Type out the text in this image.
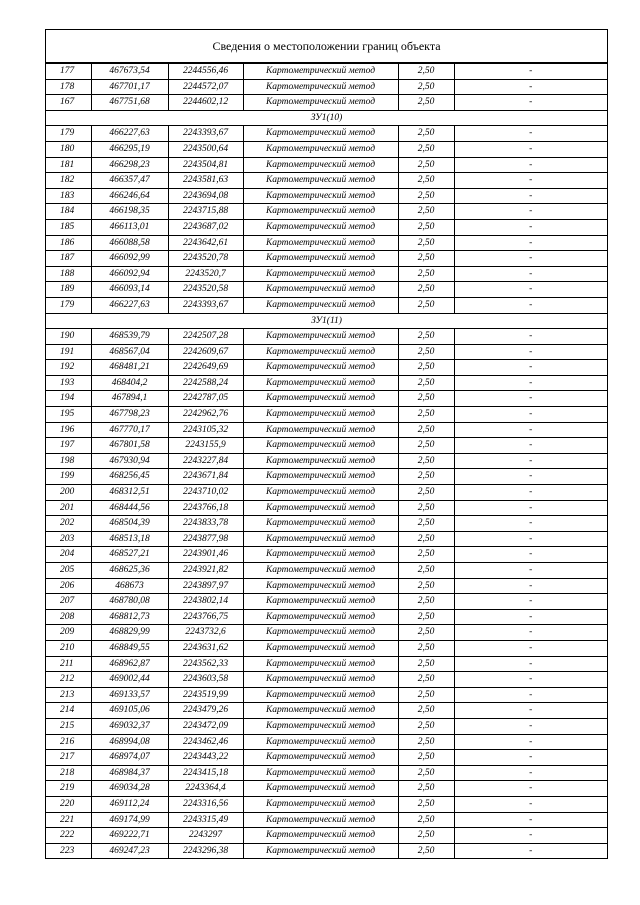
Сведения о местоположении границ объекта
177	467673,54	2244556,46	Картометрический метод	2,50	-
178	467701,17	2244572,07	Картометрический метод	2,50	-
167	467751,68	2244602,12	Картометрический метод	2,50	-
ЗУ1(10)					
179	466227,63	2243393,67	Картометрический метод	2,50	-
180	466295,19	2243500,64	Картометрический метод	2,50	-
181	466298,23	2243504,81	Картометрический метод	2,50	-
182	466357,47	2243581,63	Картометрический метод	2,50	-
183	466246,64	2243694,08	Картометрический метод	2,50	-
184	466198,35	2243715,88	Картометрический метод	2,50	-
185	466113,01	2243687,02	Картометрический метод	2,50	-
186	466088,58	2243642,61	Картометрический метод	2,50	-
187	466092,99	2243520,78	Картометрический метод	2,50	-
188	466092,94	2243520,7	Картометрический метод	2,50	-
189	466093,14	2243520,58	Картометрический метод	2,50	-
179	466227,63	2243393,67	Картометрический метод	2,50	-
ЗУ1(11)					
190	468539,79	2242507,28	Картометрический метод	2,50	-
191	468567,04	2242609,67	Картометрический метод	2,50	-
192	468481,21	2242649,69	Картометрический метод	2,50	-
193	468404,2	2242588,24	Картометрический метод	2,50	-
194	467894,1	2242787,05	Картометрический метод	2,50	-
195	467798,23	2242962,76	Картометрический метод	2,50	-
196	467770,17	2243105,32	Картометрический метод	2,50	-
197	467801,58	2243155,9	Картометрический метод	2,50	-
198	467930,94	2243227,84	Картометрический метод	2,50	-
199	468256,45	2243671,84	Картометрический метод	2,50	-
200	468312,51	2243710,02	Картометрический метод	2,50	-
201	468444,56	2243766,18	Картометрический метод	2,50	-
202	468504,39	2243833,78	Картометрический метод	2,50	-
203	468513,18	2243877,98	Картометрический метод	2,50	-
204	468527,21	2243901,46	Картометрический метод	2,50	-
205	468625,36	2243921,82	Картометрический метод	2,50	-
206	468673	2243897,97	Картометрический метод	2,50	-
207	468780,08	2243802,14	Картометрический метод	2,50	-
208	468812,73	2243766,75	Картометрический метод	2,50	-
209	468829,99	2243732,6	Картометрический метод	2,50	-
210	468849,55	2243631,62	Картометрический метод	2,50	-
211	468962,87	2243562,33	Картометрический метод	2,50	-
212	469002,44	2243603,58	Картометрический метод	2,50	-
213	469133,57	2243519,99	Картометрический метод	2,50	-
214	469105,06	2243479,26	Картометрический метод	2,50	-
215	469032,37	2243472,09	Картометрический метод	2,50	-
216	468994,08	2243462,46	Картометрический метод	2,50	-
217	468974,07	2243443,22	Картометрический метод	2,50	-
218	468984,37	2243415,18	Картометрический метод	2,50	-
219	469034,28	2243364,4	Картометрический метод	2,50	-
220	469112,24	2243316,56	Картометрический метод	2,50	-
221	469174,99	2243315,49	Картометрический метод	2,50	-
222	469222,71	2243297	Картометрический метод	2,50	-
223	469247,23	2243296,38	Картометрический метод	2,50	-
